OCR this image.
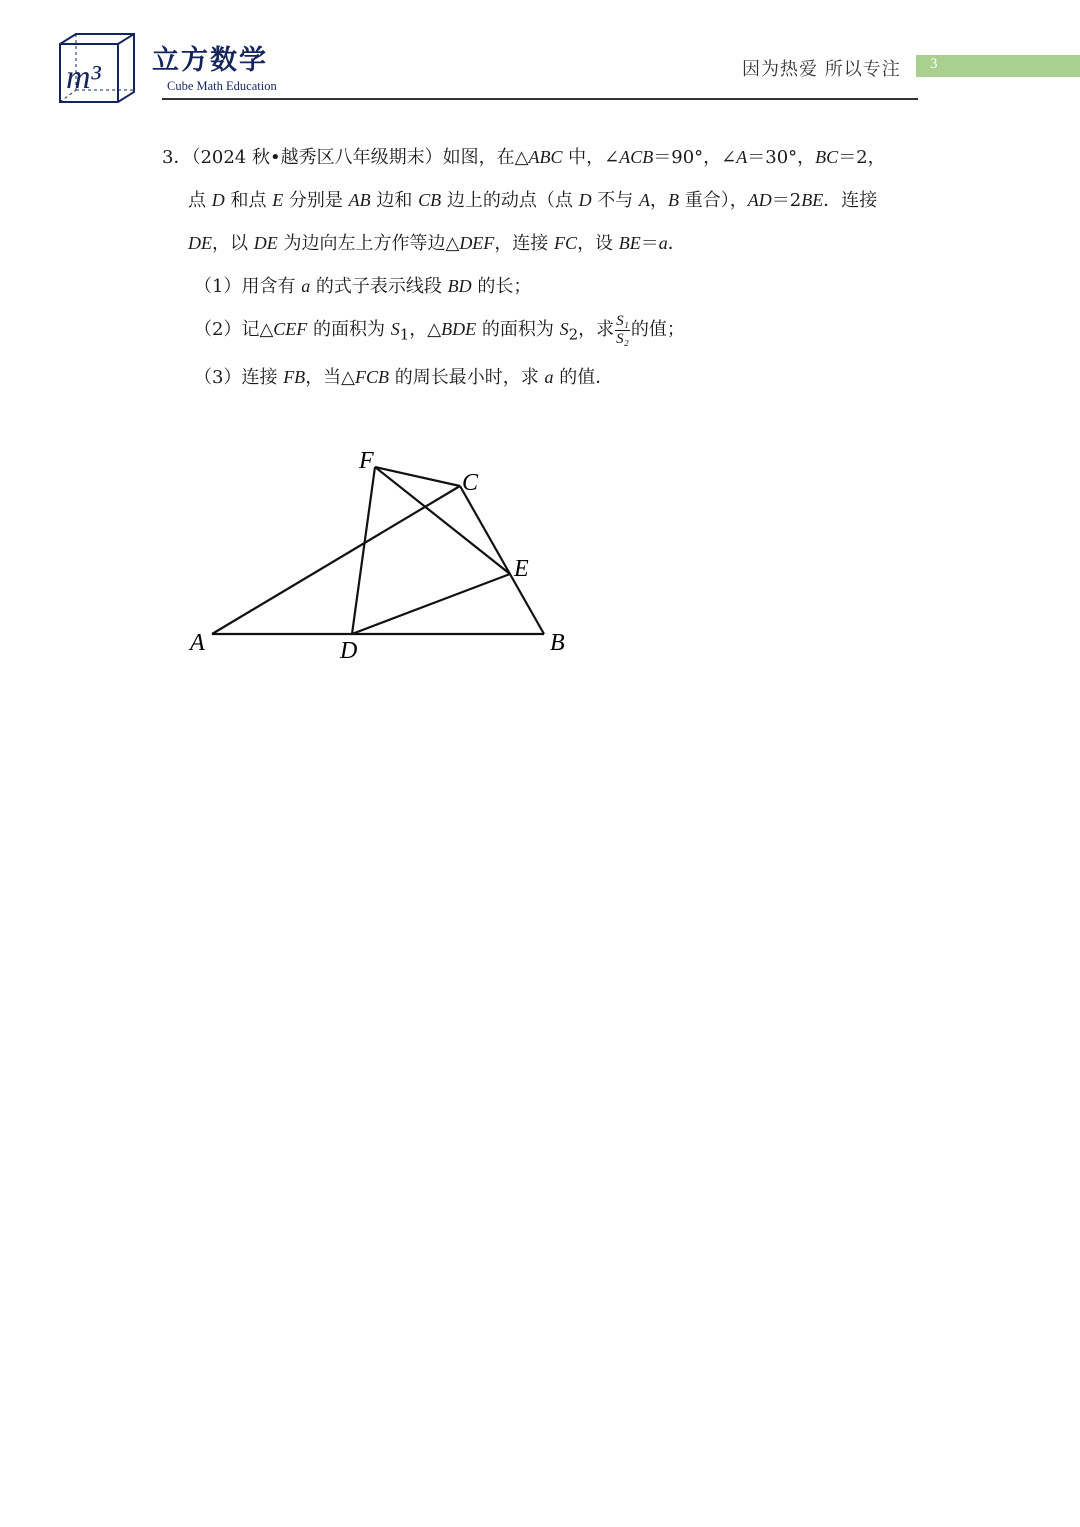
m³ 立方数学
Cube Math Education
因为热爱 所以专注 3

3．（2024 秋•越秀区八年级期末）如图，在△ABC 中，∠ACB＝90°，∠A＝30°，BC＝2，

点 D 和点 E 分别是 AB 边和 CB 边上的动点（点 D 不与 A，B 重合），AD＝2BE．连接

DE，以 DE 为边向左上方作等边△DEF，连接 FC，设 BE＝a．

（1）用含有 a 的式子表示线段 BD 的长；

（2）记△CEF 的面积为 $S_1$，△BDE 的面积为 $S_2$，求 $\frac{\text{S₁}}{\text{S₂}}$ 的值；

（3）连接 FB，当△FCB 的周长最小时，求 a 的值．

A	B
C
D
E
F
